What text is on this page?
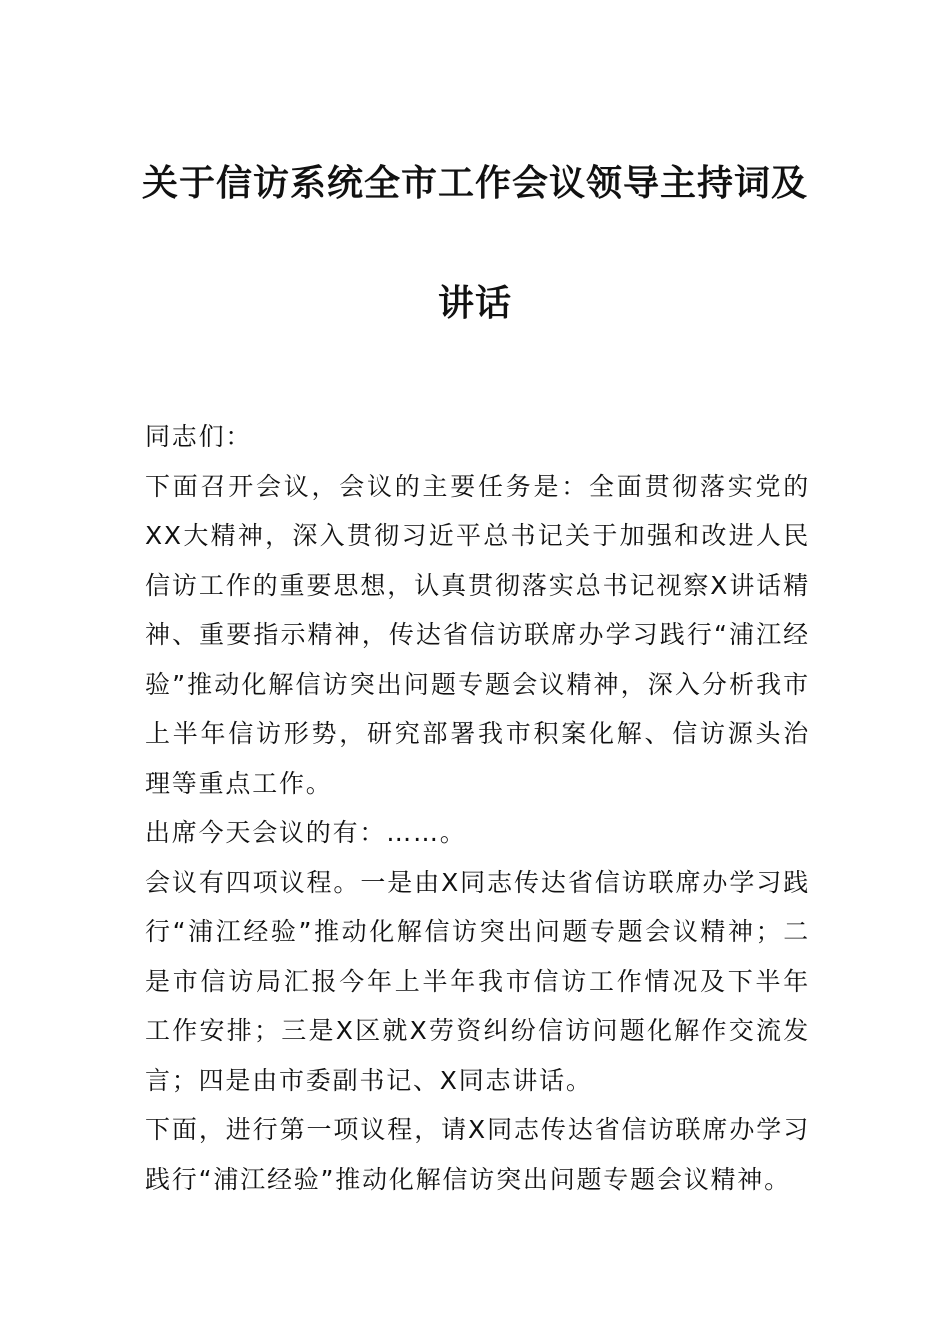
关于信访系统全市工作会议领导主持词及
讲话

同志们：

下面召开会议，会议的主要任务是：全面贯彻落实党的XX大精神，深入贯彻习近平总书记关于加强和改进人民信访工作的重要思想，认真贯彻落实总书记视察X讲话精神、重要指示精神，传达省信访联席办学习践行“浦江经验”推动化解信访突出问题专题会议精神，深入分析我市上半年信访形势，研究部署我市积案化解、信访源头治理等重点工作。

出席今天会议的有：……。

会议有四项议程。一是由X同志传达省信访联席办学习践行“浦江经验”推动化解信访突出问题专题会议精神；二是市信访局汇报今年上半年我市信访工作情况及下半年工作安排；三是X区就X劳资纠纷信访问题化解作交流发言；四是由市委副书记、X同志讲话。

下面，进行第一项议程，请X同志传达省信访联席办学习践行“浦江经验”推动化解信访突出问题专题会议精神。
